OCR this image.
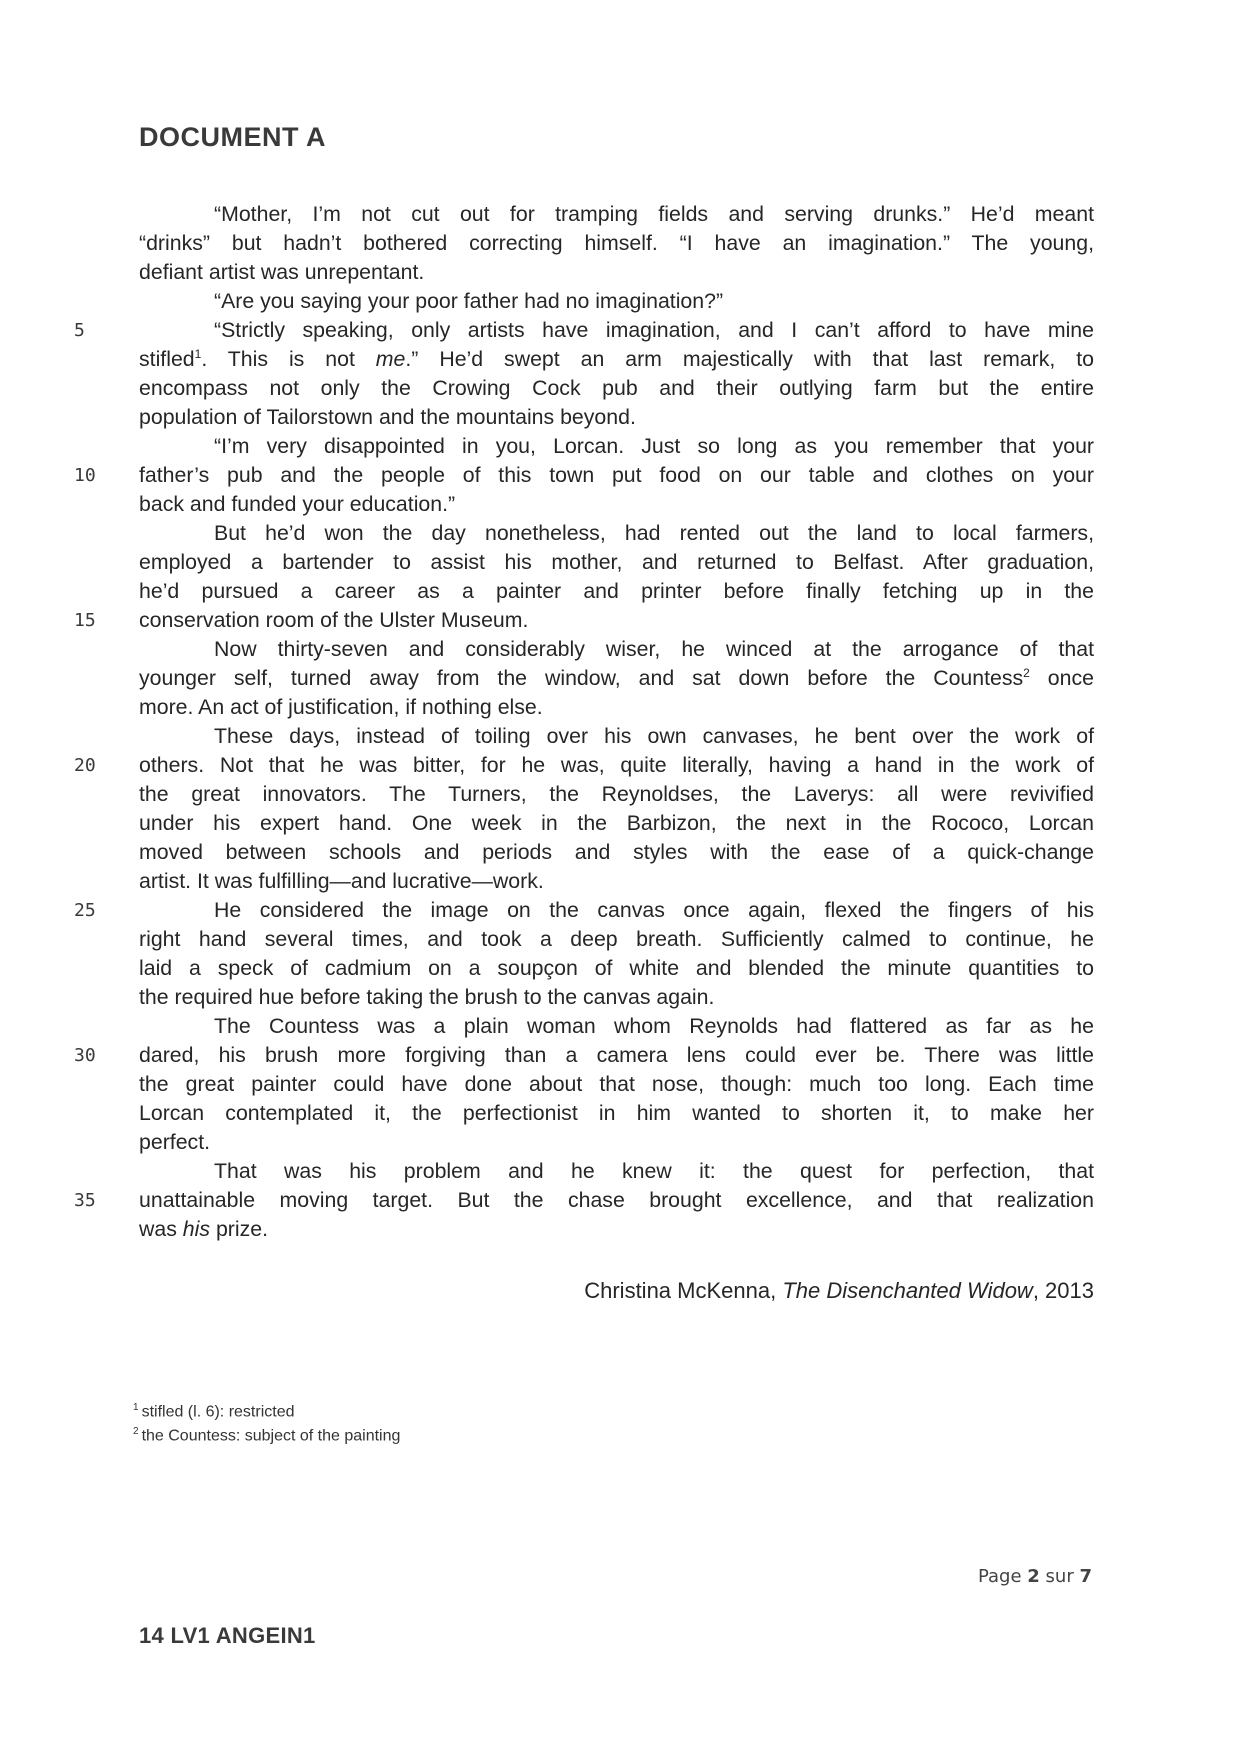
DOCUMENT A
“Mother, I’m not cut out for tramping fields and serving drunks.” He’d meant
“drinks” but hadn’t bothered correcting himself. “I have an imagination.” The young,
defiant artist was unrepentant.
“Are you saying your poor father had no imagination?”
“Strictly speaking, only artists have imagination, and I can’t afford to have mine
5
stifled$^1$. This is not me.” He’d swept an arm majestically with that last remark, to
encompass not only the Crowing Cock pub and their outlying farm but the entire
population of Tailorstown and the mountains beyond.
“I’m very disappointed in you, Lorcan. Just so long as you remember that your
father’s pub and the people of this town put food on our table and clothes on your
10
back and funded your education.”
But he’d won the day nonetheless, had rented out the land to local farmers,
employed a bartender to assist his mother, and returned to Belfast. After graduation,
he’d pursued a career as a painter and printer before finally fetching up in the
conservation room of the Ulster Museum.
15
Now thirty-seven and considerably wiser, he winced at the arrogance of that
younger self, turned away from the window, and sat down before the Countess$^2$ once
more. An act of justification, if nothing else.
These days, instead of toiling over his own canvases, he bent over the work of
others. Not that he was bitter, for he was, quite literally, having a hand in the work of
20
the great innovators. The Turners, the Reynoldses, the Laverys: all were revivified
under his expert hand. One week in the Barbizon, the next in the Rococo, Lorcan
moved between schools and periods and styles with the ease of a quick-change
artist. It was fulfilling—and lucrative—work.
He considered the image on the canvas once again, flexed the fingers of his
25
right hand several times, and took a deep breath. Sufficiently calmed to continue, he
laid a speck of cadmium on a soupçon of white and blended the minute quantities to
the required hue before taking the brush to the canvas again.
The Countess was a plain woman whom Reynolds had flattered as far as he
dared, his brush more forgiving than a camera lens could ever be. There was little
30
the great painter could have done about that nose, though: much too long. Each time
Lorcan contemplated it, the perfectionist in him wanted to shorten it, to make her
perfect.
That was his problem and he knew it: the quest for perfection, that
unattainable moving target. But the chase brought excellence, and that realization
35
was his prize.
Christina McKenna, The Disenchanted Widow, 2013
$^1$ stifled (l. 6): restricted
$^2$ the Countess: subject of the painting
Page 2 sur 7
14 LV1 ANGEIN1
